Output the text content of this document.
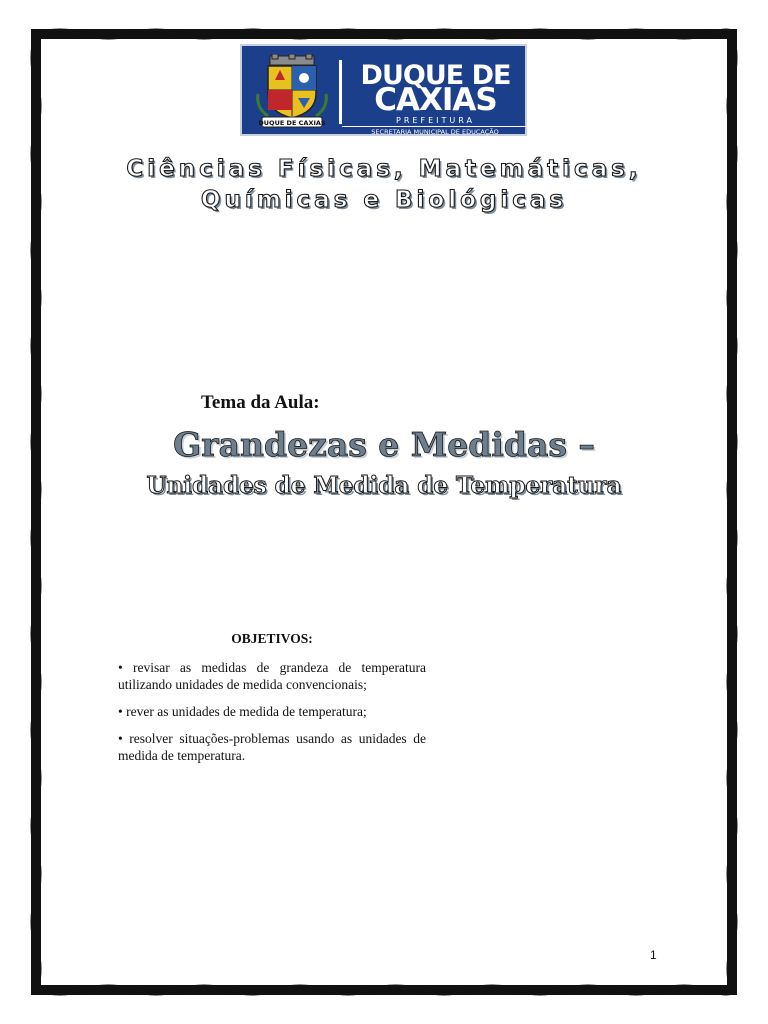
DUQUE DE CAXIAS
DUQUE DE
CAXIAS
PREFEITURA
SECRETARIA MUNICIPAL DE EDUCAÇÃO
Ciências Físicas, Matemáticas,
Químicas e Biológicas
Tema da Aula:
Grandezas e Medidas –
Unidades de Medida de Temperatura
OBJETIVOS:

• revisar as medidas de grandeza de temperatura utilizando unidades de medida convencionais;

• rever as unidades de medida de temperatura;

• resolver situações-problemas usando as unidades de medida de temperatura.

1
